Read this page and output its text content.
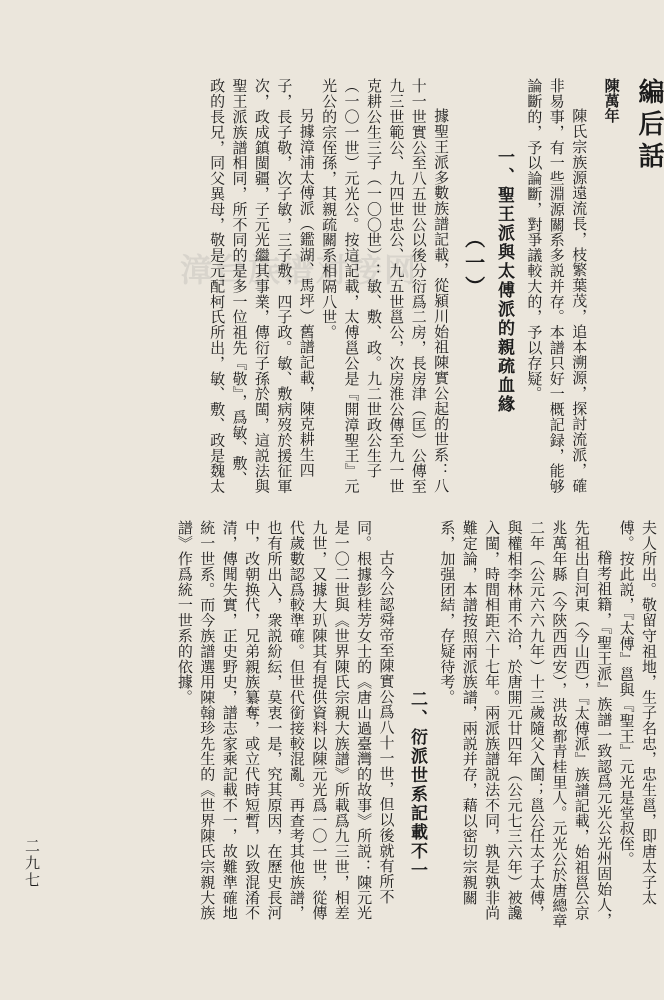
漳台族谱对接网
編后話

陳萬年

陳氏宗族源遠流長，枝繁葉茂，追本溯源，探討流派，確非易事，有一些淵源關系多説并存。本譜只好一概記録，能够論斷的，予以論斷，對爭議較大的，予以存疑。

一、聖王派與太傅派的親疏血緣
（一）

據聖王派多數族譜記載，從潁川始祖陳實公起的世系：八十一世實公至八五世公以後分衍爲二房，長房津（匡）公傳至九三世範公、九四世忠公、九五世邕公，次房淮公傳至九一世克耕公生三子（一〇〇世）：敏、敷、政。九二世政公生子（一〇一世）元光公。按這記載，太傅邕公是『開漳聖王』元光公的宗侄孫，其親疏關系相隔八世。

另據漳浦太傅派（鑑湖、馬坪）舊譜記載，陳克耕生四子，長子敬，次子敏，三子敷，四子政。敏、敷病歿於援征軍次，政成鎮閩疆，子元光繼其事業，傳衍子孫於閩，這説法與聖王派族譜相同，所不同的是多一位祖先『敬』，爲敏、敷、政的長兄，同父異母，敬是元配柯氏所出，敏、敷、政是魏太

夫人所出。敬留守祖地，生子名忠，忠生邕，即唐太子太傅。按此説，『太傅』邕與『聖王』元光是堂叔侄。

稽考祖籍，『聖王派』族譜一致認爲元光公光州固始人，先祖出自河東（今山西），『太傅派』族譜記載，始祖邕公京兆萬年縣（今陝西西安），洪故都青桂里人。元光公於唐總章二年（公元六六九年）十三歲隨父入閩；邕公任太子太傅，與權相李林甫不洽，於唐開元廿四年（公元七三六年）被讒入閩，時間相距六十七年。兩派族譜説法不同，孰是孰非尚難定論，本譜按照兩派族譜，兩説并存，藉以密切宗親關系，加强团結，存疑待考。

二、衍派世系記載不一

古今公認舜帝至陳實公爲八十一世，但以後就有所不同。根據彭桂芳女士的《唐山過臺灣的故事》所説：陳元光是一〇二世與《世界陳氏宗親大族譜》所載爲九三世，相差九世，又據大玐陳其有提供資料以陳元光爲一〇一世，從傳代歲數認爲較準確。但世代銜接較混亂。再查考其他族譜，也有所出入，衆説紛紜，莫衷一是，究其原因，在歷史長河中，改朝换代，兄弟親族纂奪，或立代時短暫，以致混淆不清，傳聞失實，正史野史，譜志家乘記載不一，故難準確地統一世系。而今族譜選用陳翰珍先生的《世界陳氏宗親大族譜》作爲統一世系的依據。

二九七
